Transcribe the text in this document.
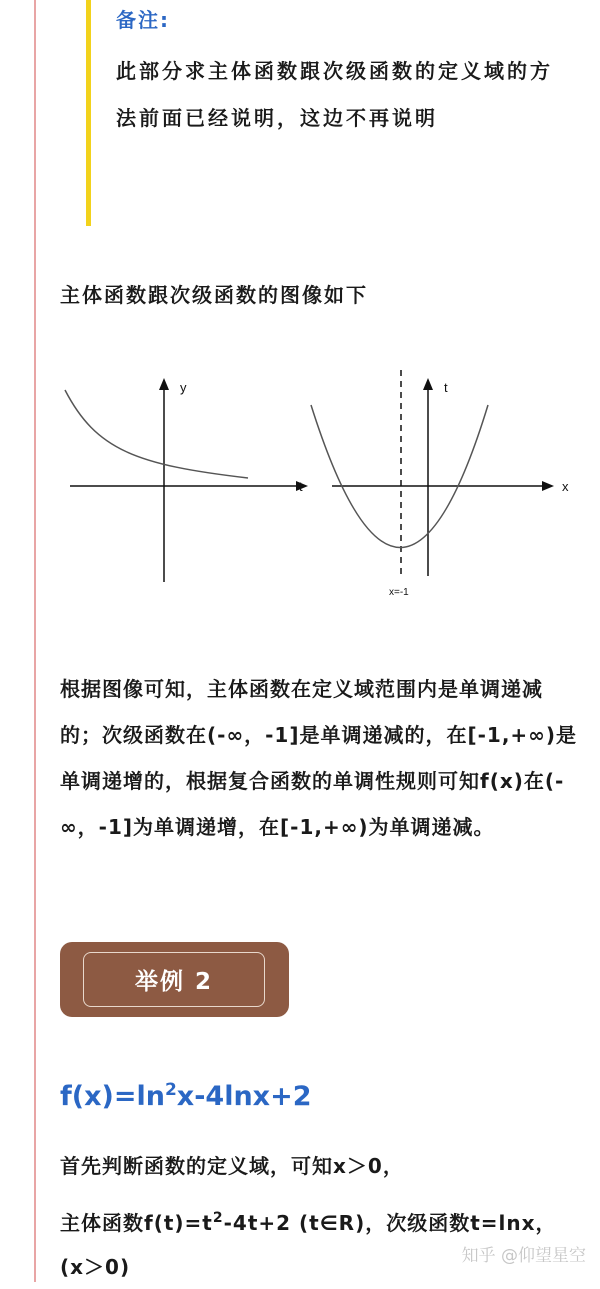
备注:

此部分求主体函数跟次级函数的定义域的方法前面已经说明，这边不再说明

主体函数跟次级函数的图像如下

y
t
t
x
x=-1

根据图像可知，主体函数在定义域范围内是单调递减的；次级函数在(-∞，-1]是单调递减的，在[-1,+∞)是单调递增的，根据复合函数的单调性规则可知f(x)在(-∞，-1]为单调递增，在[-1,+∞)为单调递减。

举例 2

$f(x)=\ln^2x-4\ln x+2$

首先判断函数的定义域，可知x＞0，

主体函数$f(t)=t^2-4t+2$ (t∈R)，次级函数t=lnx，(x＞0)	知乎 @仰望星空
